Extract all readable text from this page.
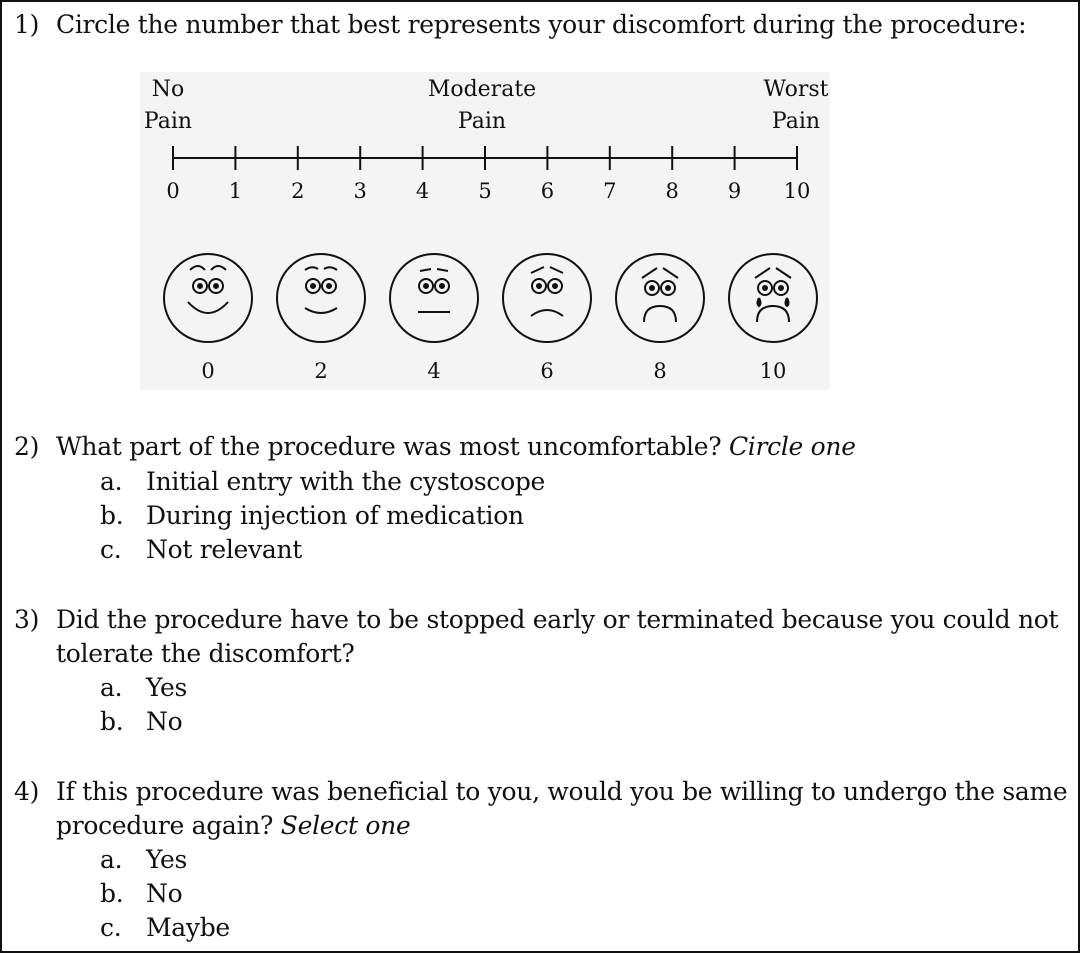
1) Circle the number that best represents your discomfort during the procedure:
No
Pain
Moderate
Pain
Worst
Pain
0 1 2 3 4 5 6 7 8 9 10
0	2	4	6	8	10
2) What part of the procedure was most uncomfortable? Circle one
a. Initial entry with the cystoscope
b. During injection of medication
c. Not relevant
3) Did the procedure have to be stopped early or terminated because you could not
tolerate the discomfort?
a. Yes
b. No
4) If this procedure was beneficial to you, would you be willing to undergo the same
procedure again? Select one
a. Yes
b. No
c. Maybe
